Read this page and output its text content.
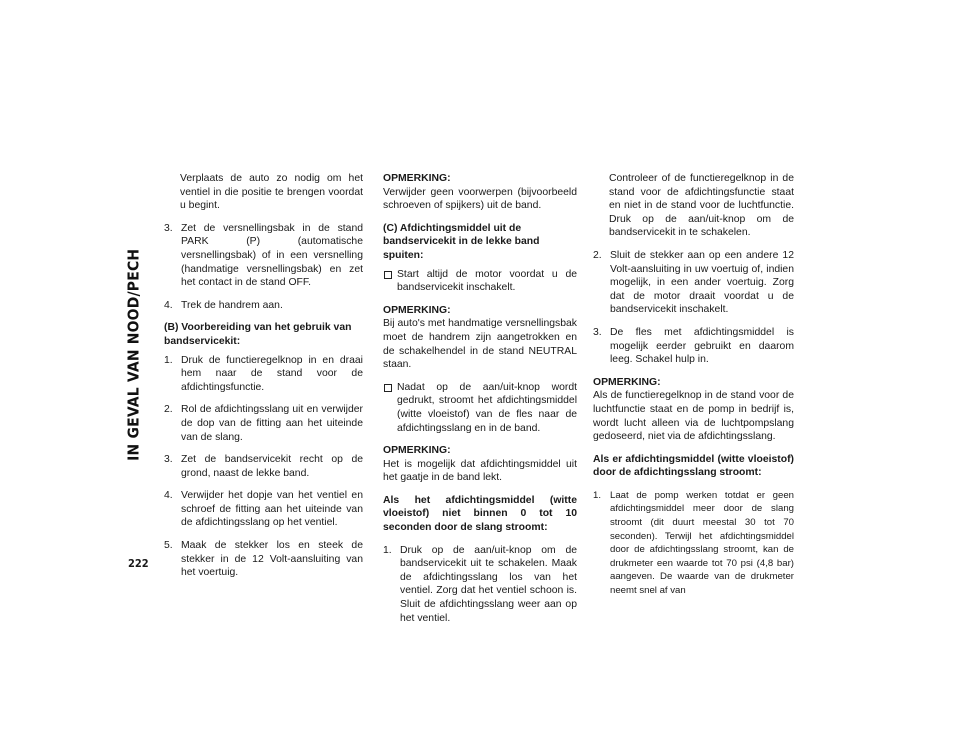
IN GEVAL VAN NOOD/PECH
222

Verplaats de auto zo nodig om het ventiel in die positie te brengen voordat u begint.

3. Zet de versnellingsbak in de stand PARK (P) (automatische versnellingsbak) of in een versnelling (handmatige versnellingsbak) en zet het contact in de stand OFF.
4. Trek de handrem aan.

(B) Voorbereiding van het gebruik van bandservicekit:

1. Druk de functieregelknop in en draai hem naar de stand voor de afdichtingsfunctie.
2. Rol de afdichtingsslang uit en verwijder de dop van de fitting aan het uiteinde van de slang.
3. Zet de bandservicekit recht op de grond, naast de lekke band.
4. Verwijder het dopje van het ventiel en schroef de fitting aan het uiteinde van de afdichtingsslang op het ventiel.
5. Maak de stekker los en steek de stekker in de 12 Volt-aansluiting van het voertuig.

OPMERKING:

Verwijder geen voorwerpen (bijvoorbeeld schroeven of spijkers) uit de band.

(C) Afdichtingsmiddel uit de bandservicekit in de lekke band spuiten:

Start altijd de motor voordat u de bandservicekit inschakelt.

OPMERKING:

Bij auto's met handmatige versnellingsbak moet de handrem zijn aangetrokken en de schakelhendel in de stand NEUTRAL staan.

Nadat op de aan/uit-knop wordt gedrukt, stroomt het afdichtingsmiddel (witte vloeistof) van de fles naar de afdichtingsslang en in de band.

OPMERKING:

Het is mogelijk dat afdichtingsmiddel uit het gaatje in de band lekt.

Als het afdichtingsmiddel (witte vloeistof) niet binnen 0 tot 10 seconden door de slang stroomt:

1. Druk op de aan/uit-knop om de bandservicekit uit te schakelen. Maak de afdichtingsslang los van het ventiel. Zorg dat het ventiel schoon is. Sluit de afdichtingsslang weer aan op het ventiel.

Controleer of de functieregelknop in de stand voor de afdichtingsfunctie staat en niet in de stand voor de luchtfunctie. Druk op de aan/uit-knop om de bandservicekit in te schakelen.

2. Sluit de stekker aan op een andere 12 Volt-aansluiting in uw voertuig of, indien mogelijk, in een ander voertuig. Zorg dat de motor draait voordat u de bandservicekit inschakelt.
3. De fles met afdichtingsmiddel is mogelijk eerder gebruikt en daarom leeg. Schakel hulp in.

OPMERKING:

Als de functieregelknop in de stand voor de luchtfunctie staat en de pomp in bedrijf is, wordt lucht alleen via de luchtpompslang gedoseerd, niet via de afdichtingsslang.

Als er afdichtingsmiddel (witte vloeistof) door de afdichtingsslang stroomt:

1. Laat de pomp werken totdat er geen afdichtingsmiddel meer door de slang stroomt (dit duurt meestal 30 tot 70 seconden). Terwijl het afdichtingsmiddel door de afdichtingsslang stroomt, kan de drukmeter een waarde tot 70 psi (4,8 bar) aangeven. De waarde van de drukmeter neemt snel af van
